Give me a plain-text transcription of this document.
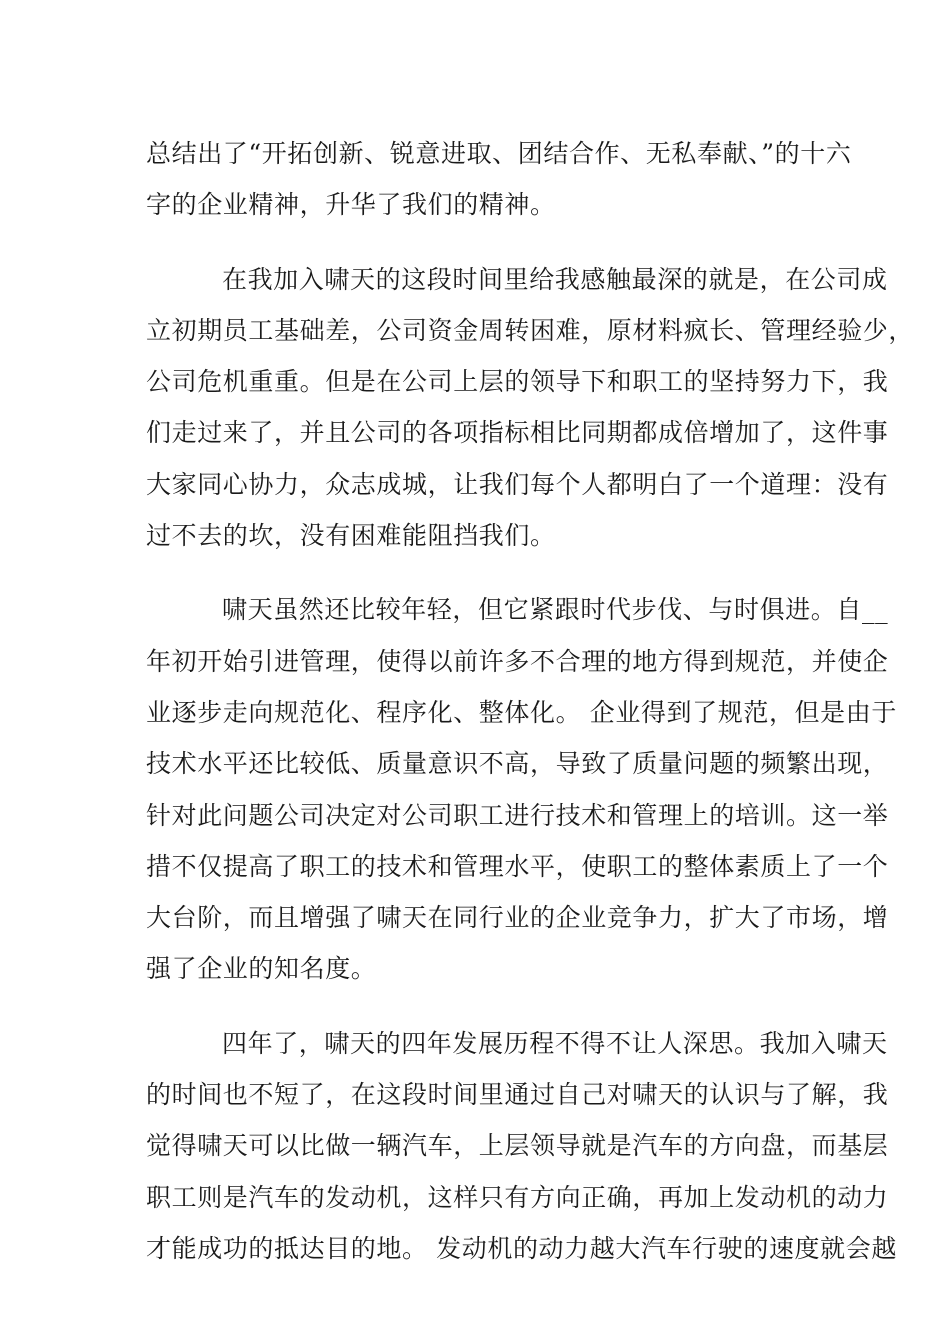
总结出了“开拓创新、锐意进取、团结合作、无私奉献、”的十六
字的企业精神，升华了我们的精神。
在我加入啸天的这段时间里给我感触最深的就是，在公司成
立初期员工基础差，公司资金周转困难，原材料疯长、管理经验少，
公司危机重重。但是在公司上层的领导下和职工的坚持努力下，我
们走过来了，并且公司的各项指标相比同期都成倍增加了，这件事
大家同心协力，众志成城，让我们每个人都明白了一个道理：没有
过不去的坎，没有困难能阻挡我们。
啸天虽然还比较年轻，但它紧跟时代步伐、与时俱进。自__
年初开始引进管理，使得以前许多不合理的地方得到规范，并使企
业逐步走向规范化、程序化、整体化。 企业得到了规范，但是由于
技术水平还比较低、质量意识不高，导致了质量问题的频繁出现，
针对此问题公司决定对公司职工进行技术和管理上的培训。这一举
措不仅提高了职工的技术和管理水平，使职工的整体素质上了一个
大台阶，而且增强了啸天在同行业的企业竞争力，扩大了市场，增
强了企业的知名度。
四年了，啸天的四年发展历程不得不让人深思。我加入啸天
的时间也不短了，在这段时间里通过自己对啸天的认识与了解，我
觉得啸天可以比做一辆汽车，上层领导就是汽车的方向盘，而基层
职工则是汽车的发动机，这样只有方向正确，再加上发动机的动力
才能成功的抵达目的地。 发动机的动力越大汽车行驶的速度就会越
